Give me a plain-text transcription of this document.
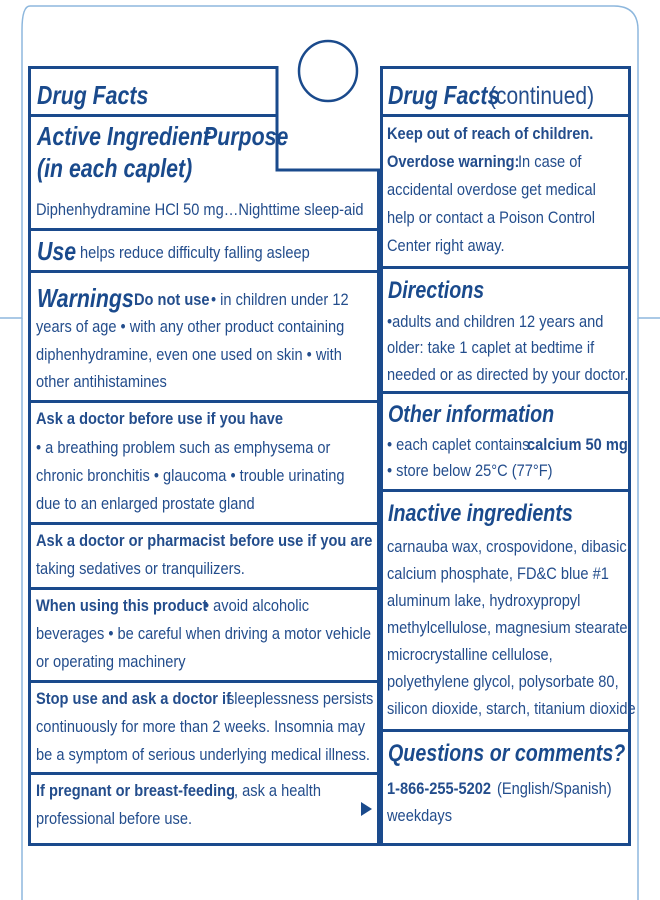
Drug Facts
Active Ingredient
Purpose
(in each caplet)
Diphenhydramine HCl 50 mg…Nighttime sleep-aid
Use helps reduce difficulty falling asleep
Warnings Do not use • in children under 12
years of age • with any other product containing
diphenhydramine, even one used on skin • with
other antihistamines
Ask a doctor before use if you have
• a breathing problem such as emphysema or
chronic bronchitis • glaucoma • trouble urinating
due to an enlarged prostate gland
Ask a doctor or pharmacist before use if you are
taking sedatives or tranquilizers.
When using this product
• avoid alcoholic
beverages • be careful when driving a motor vehicle
or operating machinery
Stop use and ask a doctor if
sleeplessness persists
continuously for more than 2 weeks. Insomnia may
be a symptom of serious underlying medical illness.
If pregnant or breast-feeding
, ask a health
professional before use.
Drug Facts
(continued)
Keep out of reach of children.
Overdose warning:
In case of
accidental overdose get medical
help or contact a Poison Control
Center right away.
Directions
•adults and children 12 years and
older: take 1 caplet at bedtime if
needed or as directed by your doctor.
Other information
• each caplet contains:
calcium 50 mg
• store below 25°C (77°F)
Inactive ingredients
carnauba wax, crospovidone, dibasic
calcium phosphate, FD&C blue #1
aluminum lake, hydroxypropyl
methylcellulose, magnesium stearate,
microcrystalline cellulose,
polyethylene glycol, polysorbate 80,
silicon dioxide, starch, titanium dioxide
Questions or comments?
1-866-255-5202 (English/Spanish)
weekdays
